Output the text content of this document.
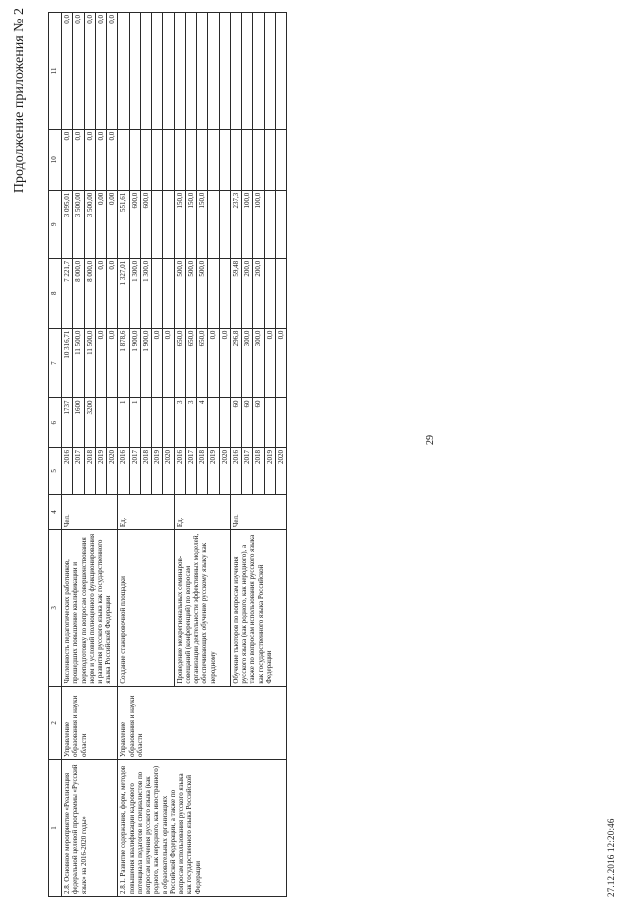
Продолжение приложения № 2
29
1	2	3	4	5	6	7	8	9	10	11
2.8. Основное мероприятие «Реализация федеральной целевой программы «Русский язык» на 2016-2020 годы»	Управление образования и науки области	Численность педагогических работников, прошедших повышение квалификации и переподготовку по вопросам совершенствования норм и условий полноценного функционирования и развития русского языка как государственного языка Российской Федерации	Чел.	2016	1737	10 316,71	7 221,7	3 095,01	0,0	0,0
				2017	1600	11 500,0	8 000,0	3 500,00	0,0	0,0
				2018	3200	11 500,0	8 000,0	3 500,00	0,0	0,0
				2019		0,0	0,0	0,00	0,0	0,0
				2020		0,0	0,0	0,00	0,0	0,0
2.8.1. Развитие содержания, форм, методов повышения квалификации кадрового потенциала педагогов и специалистов по вопросам изучения русского языка (как родного, как неродного, как иностранного) в образовательных организациях Российской Федерации, а также по вопросам использования русского языка как государственного языка Российской Федерации	Управление образования и науки области	Создание стажировочной площадки	Ед.	2016	1	1 878,6	1 327,01	551,61		
				2017	1	1 900,0	1 300,0	600,0		
				2018		1 900,0	1 300,0	600,0		
				2019		0,0				
				2020		0,0				
		Проведение межрегиональных семинаров-совещаний (конференций) по вопросам организации деятельности эффективных моделей, обеспечивающих обучение русскому языку как неродному	Ед.	2016	3	650,0	500,0	150,0		
				2017	3	650,0	500,0	150,0		
				2018	4	650,0	500,0	150,0		
				2019		0,0				
				2020		0,0				
		Обучение тьюторов по вопросам изучения русского языка (как родного, как неродного), а также по вопросам использования русского языка как государственного языка Российской Федерации	Чел.	2016	60	296,8	59,48	237,3		
				2017	60	300,0	200,0	100,0		
				2018	60	300,0	200,0	100,0		
				2019		0,0				
				2020		0,0				
27.12.2016 12:20:46
